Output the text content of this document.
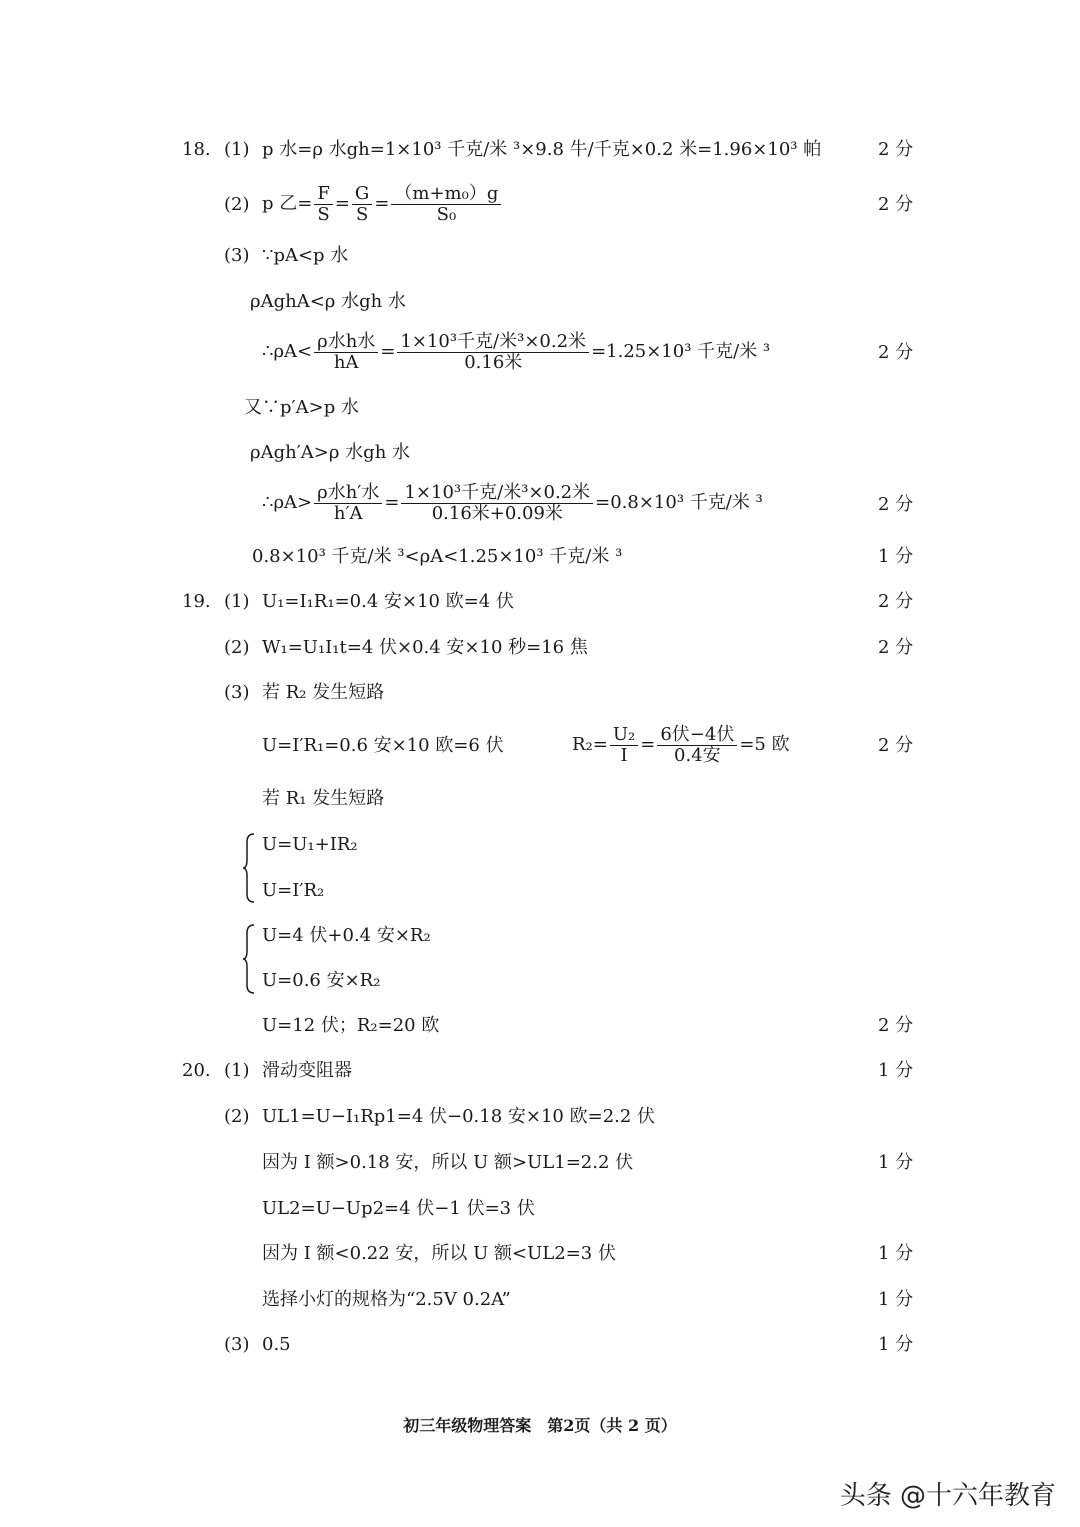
18. (1) p 水=ρ 水gh=1×10³ 千克/米 ³×9.8 牛/千克×0.2 米=1.96×10³ 帕	2 分
(2) p 乙= $\frac{F}{S} = \frac{G}{S} = \frac{\text{（m+m₀）g}}{\text{S₀}}$	2 分
(3) ∵pA<p 水
ρAghA<ρ 水gh 水
∴ρA< $\frac{\text{ρ水h水}}{hA} = \frac{\text{1×10³千克/米³×0.2米}}{\text{0.16米}} =1.25\times 10^3$ 千克/米 ³	2 分
又∵p′A>p 水
ρAgh′A>ρ 水gh 水
∴ρA> $\frac{\text{ρ水h′水}}{h'A} = \frac{\text{1×10³千克/米³×0.2米}}{\text{0.16米+0.09米}} =0.8\times 10^3$ 千克/米 ³	2 分
0.8×10³ 千克/米 ³<ρA<1.25×10³ 千克/米 ³	1 分
19. (1) U₁=I₁R₁=0.4 安×10 欧=4 伏	2 分
(2) W₁=U₁I₁t=4 伏×0.4 安×10 秒=16 焦	2 分
(3) 若 R₂ 发生短路
U=I′R₁=0.6 安×10 欧=6 伏	$R_2= \frac{\text{U₂}}{I} = \frac{\text{6伏−4伏}}{\text{0.4安}} =5$ 欧	2 分
若 R₁ 发生短路
U=U₁+IR₂
U=I′R₂
U=4 伏+0.4 安×R₂
U=0.6 安×R₂
U=12 伏；R₂=20 欧	2 分
20. (1) 滑动变阻器	1 分
(2) UL1=U−I₁Rp1=4 伏−0.18 安×10 欧=2.2 伏
因为 I 额>0.18 安，所以 U 额>UL1=2.2 伏	1 分
UL2=U−Up2=4 伏−1 伏=3 伏
因为 I 额<0.22 安，所以 U 额<UL2=3 伏	1 分
选择小灯的规格为“2.5V 0.2A”	1 分
(3) 0.5	1 分
初三年级物理答案　第2页（共 2 页）
头条 @十六年教育
